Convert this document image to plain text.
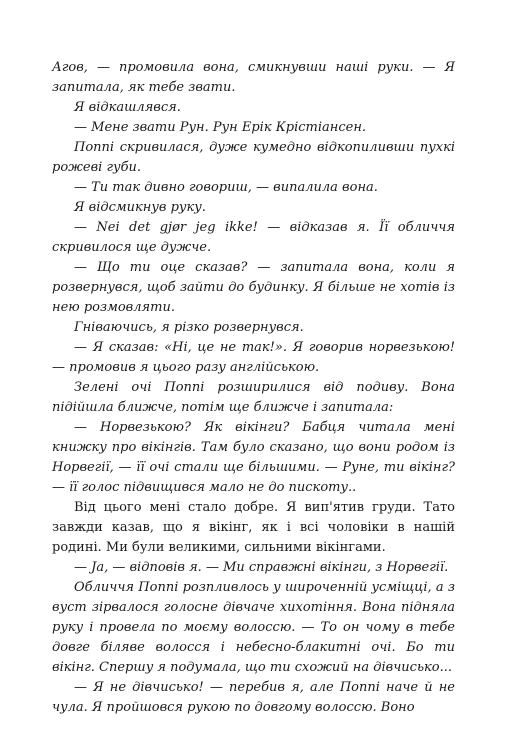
Агов, — промовила вона, смикнувши наші руки. — Я запитала, як тебе звати.

Я відкашлявся.

— Мене звати Рун. Рун Ерік Крістіансен.

Поппі скривилася, дуже кумедно відкопиливши пухкі рожеві губи.

— Ти так дивно говориш, — випалила вона.

Я відсмикнув руку.

— Nei det gjør jeg ikke! — відказав я. Її обличчя скривилося ще дужче.

— Що ти оце сказав? — запитала вона, коли я розвернувся, щоб зайти до будинку. Я більше не хотів із нею розмовляти.

Гніваючись, я різко розвернувся.

— Я сказав: «Ні, це не так!». Я говорив норвезькою! — промовив я цього разу англійською.

Зелені очі Поппі розширилися від подиву. Вона підійшла ближче, потім ще ближче і запитала:

— Норвезькою? Як вікінги? Бабця читала мені книжку про вікінгів. Там було сказано, що вони родом із Норвегії, — її очі стали ще більшими. — Руне, ти вікінг? — її голос підвищився мало не до пискоту..

Від цього мені стало добре. Я вип'ятив груди. Тато завжди казав, що я вікінг, як і всі чоловіки в нашій родині. Ми були великими, сильними вікінгами.

— Ja, — відповів я. — Ми справжні вікінги, з Норвегії.

Обличчя Поппі розпливлось у широченній усміщці, а з вуст зірвалося голосне дівчаче хихотіння. Вона підняла руку і провела по моєму волоссю. — То он чому в тебе довге біляве волосся і небесно-блакитні очі. Бо ти вікінг. Спершу я подумала, що ти схожий на дівчисько...

— Я не дівчисько! — перебив я, але Поппі наче й не чула. Я пройшовся рукою по довгому волоссю. Воно
